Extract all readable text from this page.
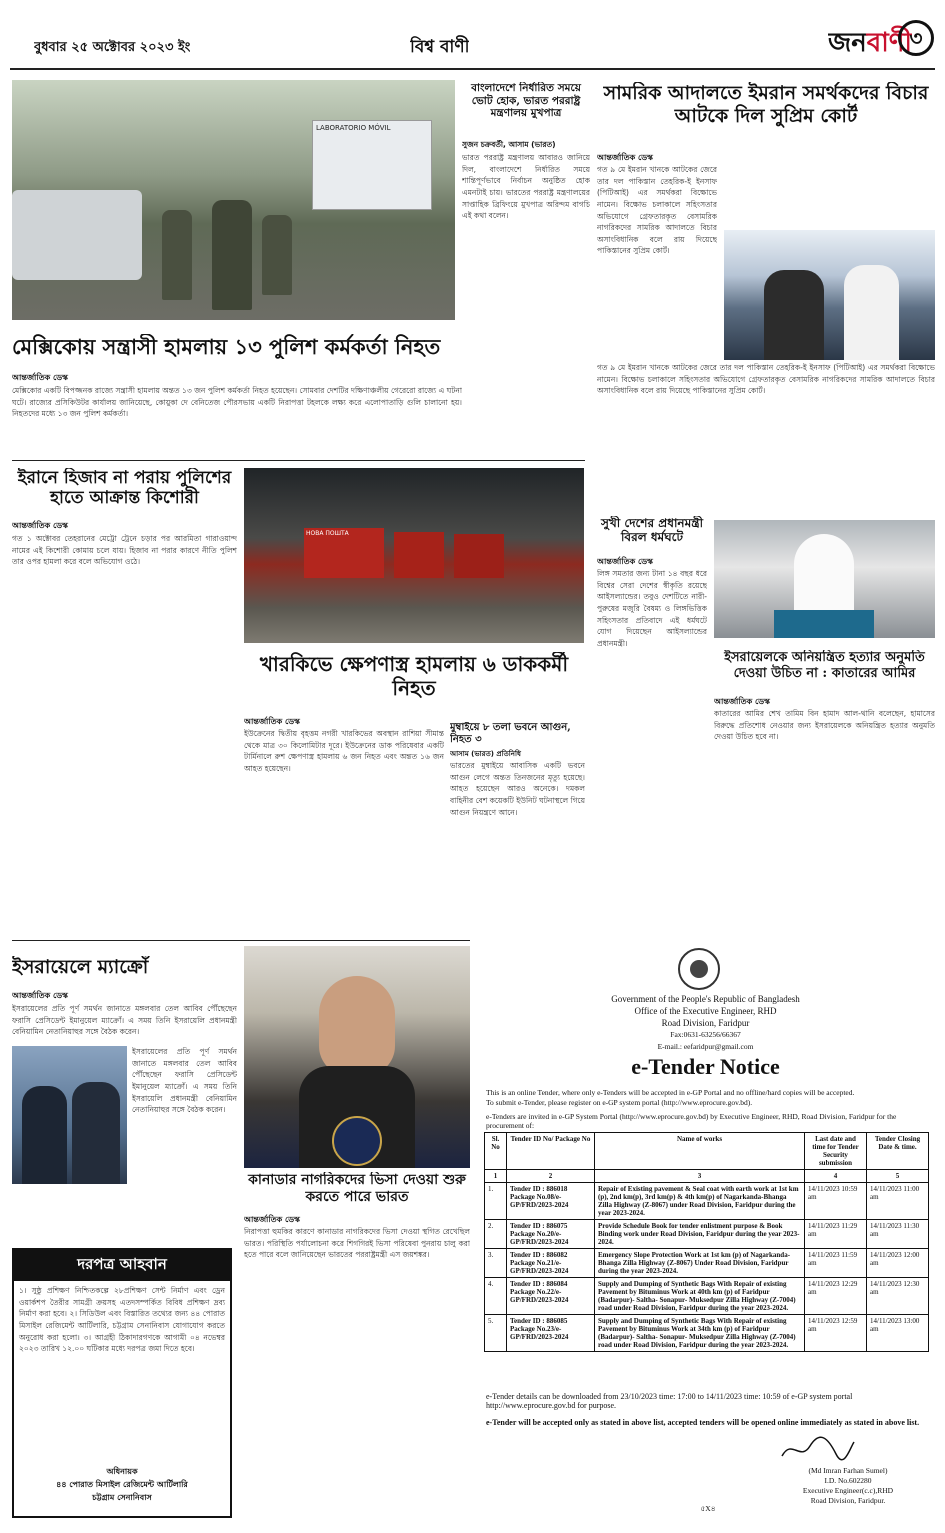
বুধবার ২৫ অক্টোবর ২০২৩ ইং	বিশ্ব বাণী	জনবাণী
৩
LABORATORIO MÓVIL
বাংলাদেশে নির্ধারিত সময়ে ভোট হোক, ভারত পররাষ্ট্র মন্ত্রণালয় মুখপাত্র
সুজন চক্রবর্তী, আসাম (ভারত)
ভারত পররাষ্ট্র মন্ত্রণালয় আবারও জানিয়ে দিল, বাংলাদেশে নির্ধারিত সময়ে শান্তিপূর্ণভাবে নির্বাচন অনুষ্ঠিত হোক এমনটাই চায়। ভারতের পররাষ্ট্র মন্ত্রণালয়ের সাপ্তাহিক ব্রিফিংয়ে মুখপাত্র অরিন্দম বাগচি এই কথা বলেন।
সামরিক আদালতে ইমরান সমর্থকদের বিচার আটকে দিল সুপ্রিম কোর্ট
আন্তর্জাতিক ডেস্ক
গত ৯ মে ইমরান খানকে আটকের জেরে তার দল পাকিস্তান তেহরিক-ই ইনসাফ (পিটিআই) এর সমর্থকরা বিক্ষোভে নামেন। বিক্ষোভ চলাকালে সহিংসতার অভিযোগে গ্রেফতারকৃত বেসামরিক নাগরিকদের সামরিক আদালতে বিচার অসাংবিধানিক বলে রায় দিয়েছে পাকিস্তানের সুপ্রিম কোর্ট।
মেক্সিকোয় সন্ত্রাসী হামলায় ১৩ পুলিশ কর্মকর্তা নিহত
আন্তর্জাতিক ডেস্ক
মেক্সিকোর একটি বিপজ্জনক রাজ্যে সন্ত্রাসী হামলায় অন্তত ১৩ জন পুলিশ কর্মকর্তা নিহত হয়েছেন। সোমবার দেশটির দক্ষিণাঞ্চলীয় গেরেরো রাজ্যে এ ঘটনা ঘটে। রাজ্যের প্রসিকিউটর কার্যালয় জানিয়েছে, কোয়ুকা দে বেনিতেজ পৌরসভায় একটি নিরাপত্তা টহলকে লক্ষ্য করে এলোপাতাড়ি গুলি চালানো হয়। নিহতদের মধ্যে ১৩ জন পুলিশ কর্মকর্তা।
গত ৯ মে ইমরান খানকে আটকের জেরে তার দল পাকিস্তান তেহরিক-ই ইনসাফ (পিটিআই) এর সমর্থকরা বিক্ষোভে নামেন। বিক্ষোভ চলাকালে সহিংসতার অভিযোগে গ্রেফতারকৃত বেসামরিক নাগরিকদের সামরিক আদালতে বিচার অসাংবিধানিক বলে রায় দিয়েছে পাকিস্তানের সুপ্রিম কোর্ট।
ইরানে হিজাব না পরায় পুলিশের হাতে আক্রান্ত কিশোরী
আন্তর্জাতিক ডেস্ক
গত ১ অক্টোবর তেহরানের মেট্রো ট্রেনে চড়ার পর আরমিতা গারাওয়ান্দ নামের এই কিশোরী কোমায় চলে যায়। হিজাব না পরার কারণে নীতি পুলিশ তার ওপর হামলা করে বলে অভিযোগ ওঠে।
НОВА ПОШТА
খারকিভে ক্ষেপণাস্ত্র হামলায় ৬ ডাককর্মী নিহত
আন্তর্জাতিক ডেস্ক
ইউক্রেনের দ্বিতীয় বৃহত্তম নগরী খারকিভের অবস্থান রাশিয়া সীমান্ত থেকে মাত্র ৩০ কিলোমিটার দূরে। ইউক্রেনের ডাক পরিষেবার একটি টার্মিনালে রুশ ক্ষেপণাস্ত্র হামলায় ৬ জন নিহত এবং অন্তত ১৬ জন আহত হয়েছেন।
মুম্বাইয়ে ৮ তলা ভবনে আগুন, নিহত ৩
আসাম (ভারত) প্রতিনিধি
ভারতের মুম্বাইয়ে আবাসিক একটি ভবনে আগুন লেগে অন্তত তিনজনের মৃত্যু হয়েছে। আহত হয়েছেন আরও অনেকে। দমকল বাহিনীর বেশ কয়েকটি ইউনিট ঘটনাস্থলে গিয়ে আগুন নিয়ন্ত্রণে আনে।
সুখী দেশের প্রধানমন্ত্রী বিরল ধর্মঘটে
আন্তর্জাতিক ডেস্ক
লিঙ্গ সমতার জন্য টানা ১৪ বছর ধরে বিশ্বের সেরা দেশের স্বীকৃতি রয়েছে আইসল্যান্ডের। তবুও দেশটিতে নারী-পুরুষের মজুরি বৈষম্য ও লিঙ্গভিত্তিক সহিংসতার প্রতিবাদে এই ধর্মঘটে যোগ দিয়েছেন আইসল্যান্ডের প্রধানমন্ত্রী।
ইসরায়েলকে অনিয়ন্ত্রিত হত্যার অনুমতি দেওয়া উচিত না : কাতারের আমির
আন্তর্জাতিক ডেস্ক
কাতারের আমির শেখ তামিম বিন হামাদ আল-থানি বলেছেন, হামাসের বিরুদ্ধে প্রতিশোধ নেওয়ার জন্য ইসরায়েলকে অনিয়ন্ত্রিত হত্যার অনুমতি দেওয়া উচিত হবে না।
ইসরায়েলে ম্যাক্রোঁ
আন্তর্জাতিক ডেস্ক
ইসরায়েলের প্রতি পূর্ণ সমর্থন জানাতে মঙ্গলবার তেল আবিব পৌঁছেছেন ফরাসি প্রেসিডেন্ট ইমানুয়েল ম্যাক্রোঁ। এ সময় তিনি ইসরায়েলি প্রধানমন্ত্রী বেনিয়ামিন নেতানিয়াহুর সঙ্গে বৈঠক করেন।
ইসরায়েলের প্রতি পূর্ণ সমর্থন জানাতে মঙ্গলবার তেল আবিব পৌঁছেছেন ফরাসি প্রেসিডেন্ট ইমানুয়েল ম্যাক্রোঁ। এ সময় তিনি ইসরায়েলি প্রধানমন্ত্রী বেনিয়ামিন নেতানিয়াহুর সঙ্গে বৈঠক করেন।
কানাডার নাগরিকদের ভিসা দেওয়া শুরু করতে পারে ভারত
আন্তর্জাতিক ডেস্ক
নিরাপত্তা হুমকির কারণে কানাডার নাগরিকদের ভিসা দেওয়া স্থগিত রেখেছিল ভারত। পরিস্থিতি পর্যালোচনা করে শিগগিরই ভিসা পরিষেবা পুনরায় চালু করা হতে পারে বলে জানিয়েছেন ভারতের পররাষ্ট্রমন্ত্রী এস জয়শঙ্কর।
দরপত্র আহবান
১। সুষ্ঠু প্রশিক্ষণ নিশ্চিতকল্পে ২৮প্রশিক্ষণ সেন্ট নির্মাণ এবং ড্রেন ওয়ার্কশপ তৈরীর সামগ্রী ক্রয়সহ এতদসম্পর্কিত বিবিধ প্রশিক্ষণ দ্রব্য নির্মাণ করা হবে। ২। সিডিউল এবং বিস্তারিত তথ্যের জন্য ৪৪ পোরাত মিসাইল রেজিমেন্ট আর্টিলারি, চট্টগ্রাম সেনানিবাস যোগাযোগ করতে অনুরোধ করা হলো। ৩। আগ্রহী ঠিকাদারগণকে আগামী ০৪ নভেম্বর ২০২৩ তারিখ ১২.০০ ঘটিকার মধ্যে দরপত্র জমা দিতে হবে।
অধিনায়ক
৪৪ পোরাত মিসাইল রেজিমেন্ট আর্টিলারি
চট্টগ্রাম সেনানিবাস
Government of the People's Republic of Bangladesh
Office of the Executive Engineer, RHD
Road Division, Faridpur
Fax:0631-63256/66367
E-mail.: eefaridpur@gmail.com
e-Tender Notice
This is an online Tender, where only e-Tenders will be accepted in e-GP Portal and no offline/hard copies will be accepted.
To submit e-Tender, please register on e-GP system portal (http://www.eprocure.gov.bd).
e-Tenders are invited in e-GP System Portal (http://www.eprocure.gov.bd) by Executive Engineer, RHD, Road Division, Faridpur for the procurement of:
Sl. No	Tender ID No/ Package No	Name of works	Last date and time for Tender Security submission	Tender Closing Date & time.
1	2	3	4	5
1.	Tender ID : 886018 Package No.08/e-GP/FRD/2023-2024	Repair of Existing pavement & Seal coat with earth work at 1st km (p), 2nd km(p), 3rd km(p) & 4th km(p) of Nagarkanda-Bhanga Zilla Highway (Z-8067) under Road Division, Faridpur during the year 2023-2024.	14/11/2023 10:59 am	14/11/2023 11:00 am
2.	Tender ID : 886075 Package No.20/e-GP/FRD/2023-2024	Provide Schedule Book for tender enlistment purpose & Book Binding work under Road Division, Faridpur during the year 2023-2024.	14/11/2023 11:29 am	14/11/2023 11:30 am
3.	Tender ID : 886082 Package No.21/e-GP/FRD/2023-2024	Emergency Slope Protection Work at 1st km (p) of Nagarkanda-Bhanga Zilla Highway (Z-8067) Under Road Division, Faridpur during the year 2023-2024.	14/11/2023 11:59 am	14/11/2023 12:00 am
4.	Tender ID : 886084 Package No.22/e-GP/FRD/2023-2024	Supply and Dumping of Synthetic Bags With Repair of existing Pavement by Bituminus Work at 40th km (p) of Faridpur (Badarpur)- Saltha- Sonapur- Muksedpur Zilla Highway (Z-7004) road under Road Division, Faridpur during the year 2023-2024.	14/11/2023 12:29 am	14/11/2023 12:30 am
5.	Tender ID : 886085 Package No.23/e-GP/FRD/2023-2024	Supply and Dumping of Synthetic Bags With Repair of existing Pavement by Bituminus Work at 34th km (p) of Faridpur (Badarpur)- Saltha- Sonapur- Muksedpur Zilla Highway (Z-7004) road under Road Division, Faridpur during the year 2023-2024.	14/11/2023 12:59 am	14/11/2023 13:00 am
e-Tender details can be downloaded from 23/10/2023 time: 17:00 to 14/11/2023 time: 10:59 of e-GP system portal http://www.eprocure.gov.bd for purpose.
e-Tender will be accepted only as stated in above list, accepted tenders will be opened online immediately as stated in above list.
(Md Imran Farhan Sumel)
I.D. No.602280
Executive Engineer(c.c),RHD
Road Division, Faridpur.
৫X৪
